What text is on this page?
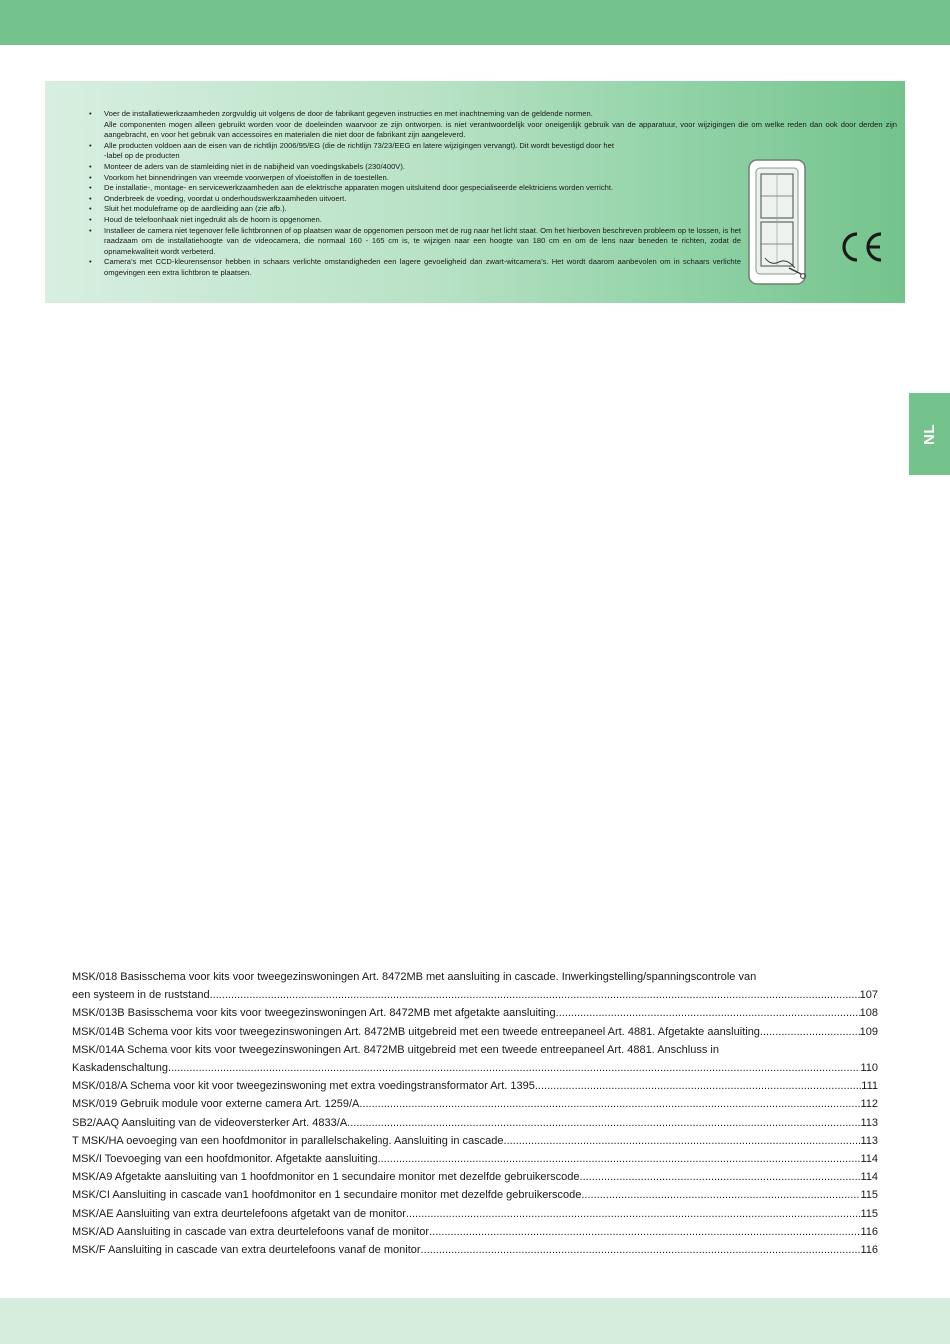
NL
• Voer de installatiewerkzaamheden zorgvuldig uit volgens de door de fabrikant gegeven instructies en met inachtneming van de geldende normen.
Alle componenten mogen alleen gebruikt worden voor de doeleinden waarvoor ze zijn ontworpen. is niet verantwoordelijk voor oneigenlijk gebruik van de apparatuur, voor wijzigingen die om welke reden dan ook door derden zijn aangebracht, en voor het gebruik van accessoires en materialen die niet door de fabrikant zijn aangeleverd.
• Alle producten voldoen aan de eisen van de richtlijn 2006/95/EG (die de richtlijn 73/23/EEG en latere wijzigingen vervangt). Dit wordt bevestigd door het
-label op de producten
• Monteer de aders van de stamleiding niet in de nabijheid van voedingskabels (230/400V).
• Voorkom het binnendringen van vreemde voorwerpen of vloeistoffen in de toestellen.
• De installatie-, montage- en servicewerkzaamheden aan de elektrische apparaten mogen uitsluitend door gespecialiseerde elektriciens worden verricht.
• Onderbreek de voeding, voordat u onderhoudswerkzaamheden uitvoert.
• Sluit het moduleframe op de aardleiding aan (zie afb.).
• Houd de telefoonhaak niet ingedrukt als de hoorn is opgenomen.
• Installeer de camera niet tegenover felle lichtbronnen of op plaatsen waar de opgenomen persoon met de rug naar het licht staat. Om het hierboven beschreven probleem op te lossen, is het raadzaam om de installatiehoogte van de videocamera, die normaal 160 - 165 cm is, te wijzigen naar een hoogte van 180 cm en om de lens naar beneden te richten, zodat de opnamekwaliteit wordt verbeterd.
• Camera’s met CCD-kleurensensor hebben in schaars verlichte omstandigheden een lagere gevoeligheid dan zwart-witcamera’s. Het wordt daarom aanbevolen om in schaars verlichte omgevingen een extra lichtbron te plaatsen.
MSK/018 Basisschema voor kits voor tweegezinswoningen Art. 8472MB met aansluiting in cascade. Inwerkingstelling/spanningscontrole van
een systeem in de ruststand. .....	107
MSK/013B Basisschema voor kits voor tweegezinswoningen Art. 8472MB met afgetakte aansluiting .....	108
MSK/014B Schema voor kits voor tweegezinswoningen Art. 8472MB uitgebreid met een tweede entreepaneel Art. 4881. Afgetakte aansluiting. .....	109
MSK/014A Schema voor kits voor tweegezinswoningen Art. 8472MB uitgebreid met een tweede entreepaneel Art. 4881. Anschluss in
Kaskadenschaltung. .....	110
MSK/018/A Schema voor kit voor tweegezinswoning met extra voedingstransformator Art. 1395 .....	111
MSK/019 Gebruik module voor externe camera Art. 1259/A .....	112
SB2/AAQ Aansluiting van de videoversterker Art. 4833/A .....	113
T MSK/HA oevoeging van een hoofdmonitor in parallelschakeling. Aansluiting in cascade .....	113
MSK/I Toevoeging van een hoofdmonitor. Afgetakte aansluiting .....	114
MSK/A9 Afgetakte aansluiting van 1 hoofdmonitor en 1 secundaire monitor met dezelfde gebruikerscode .....	114
MSK/CI Aansluiting in cascade van1 hoofdmonitor en 1 secundaire monitor met dezelfde gebruikerscode .....	115
MSK/AE Aansluiting van extra deurtelefoons afgetakt van de monitor .....	115
MSK/AD Aansluiting in cascade van extra deurtelefoons vanaf de monitor .....	116
MSK/F Aansluiting in cascade van extra deurtelefoons vanaf de monitor .....	116
